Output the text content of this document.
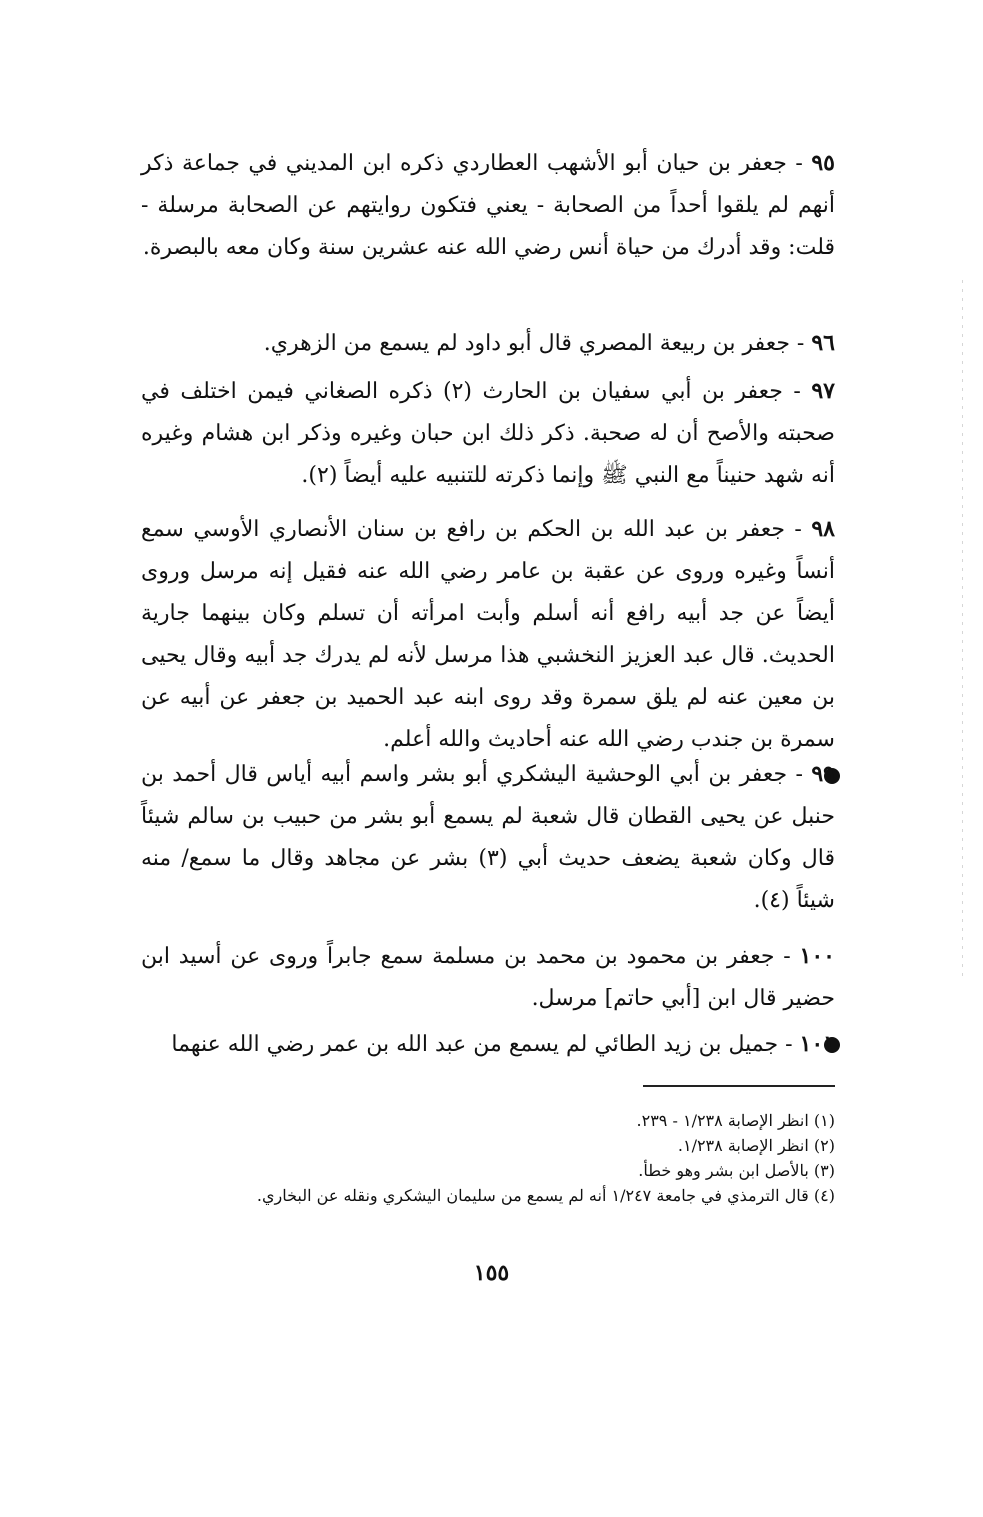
٩٥ - جعفر بن حيان أبو الأشهب العطاردي ذكره ابن المديني في جماعة ذكر أنهم لم يلقوا أحداً من الصحابة - يعني فتكون روايتهم عن الصحابة مرسلة - قلت: وقد أدرك من حياة أنس رضي الله عنه عشرين سنة وكان معه بالبصرة.

٩٦ - جعفر بن ربيعة المصري قال أبو داود لم يسمع من الزهري.

٩٧ - جعفر بن أبي سفيان بن الحارث (٢) ذكره الصغاني فيمن اختلف في صحبته والأصح أن له صحبة. ذكر ذلك ابن حبان وغيره وذكر ابن هشام وغيره أنه شهد حنيناً مع النبي ﷺ وإنما ذكرته للتنبيه عليه أيضاً (٢).

٩٨ - جعفر بن عبد الله بن الحكم بن رافع بن سنان الأنصاري الأوسي سمع أنساً وغيره وروى عن عقبة بن عامر رضي الله عنه فقيل إنه مرسل وروى أيضاً عن جد أبيه رافع أنه أسلم وأبت امرأته أن تسلم وكان بينهما جارية الحديث. قال عبد العزيز النخشبي هذا مرسل لأنه لم يدرك جد أبيه وقال يحيى بن معين عنه لم يلق سمرة وقد روى ابنه عبد الحميد بن جعفر عن أبيه عن سمرة بن جندب رضي الله عنه أحاديث والله أعلم.

٩٩ - جعفر بن أبي الوحشية اليشكري أبو بشر واسم أبيه أياس قال أحمد بن حنبل عن يحيى القطان قال شعبة لم يسمع أبو بشر من حبيب بن سالم شيئاً قال وكان شعبة يضعف حديث أبي (٣) بشر عن مجاهد وقال ما سمع/ منه شيئاً (٤).

١٠٠ - جعفر بن محمود بن محمد بن مسلمة سمع جابراً وروى عن أسيد ابن حضير قال ابن [أبي حاتم] مرسل.

١٠١ - جميل بن زيد الطائي لم يسمع من عبد الله بن عمر رضي الله عنهما

(١) انظر الإصابة ١/٢٣٨ - ٢٣٩.
(٢) انظر الإصابة ١/٢٣٨.
(٣) بالأصل ابن بشر وهو خطأ.
(٤) قال الترمذي في جامعة ١/٢٤٧ أنه لم يسمع من سليمان اليشكري ونقله عن البخاري.
١٥٥
